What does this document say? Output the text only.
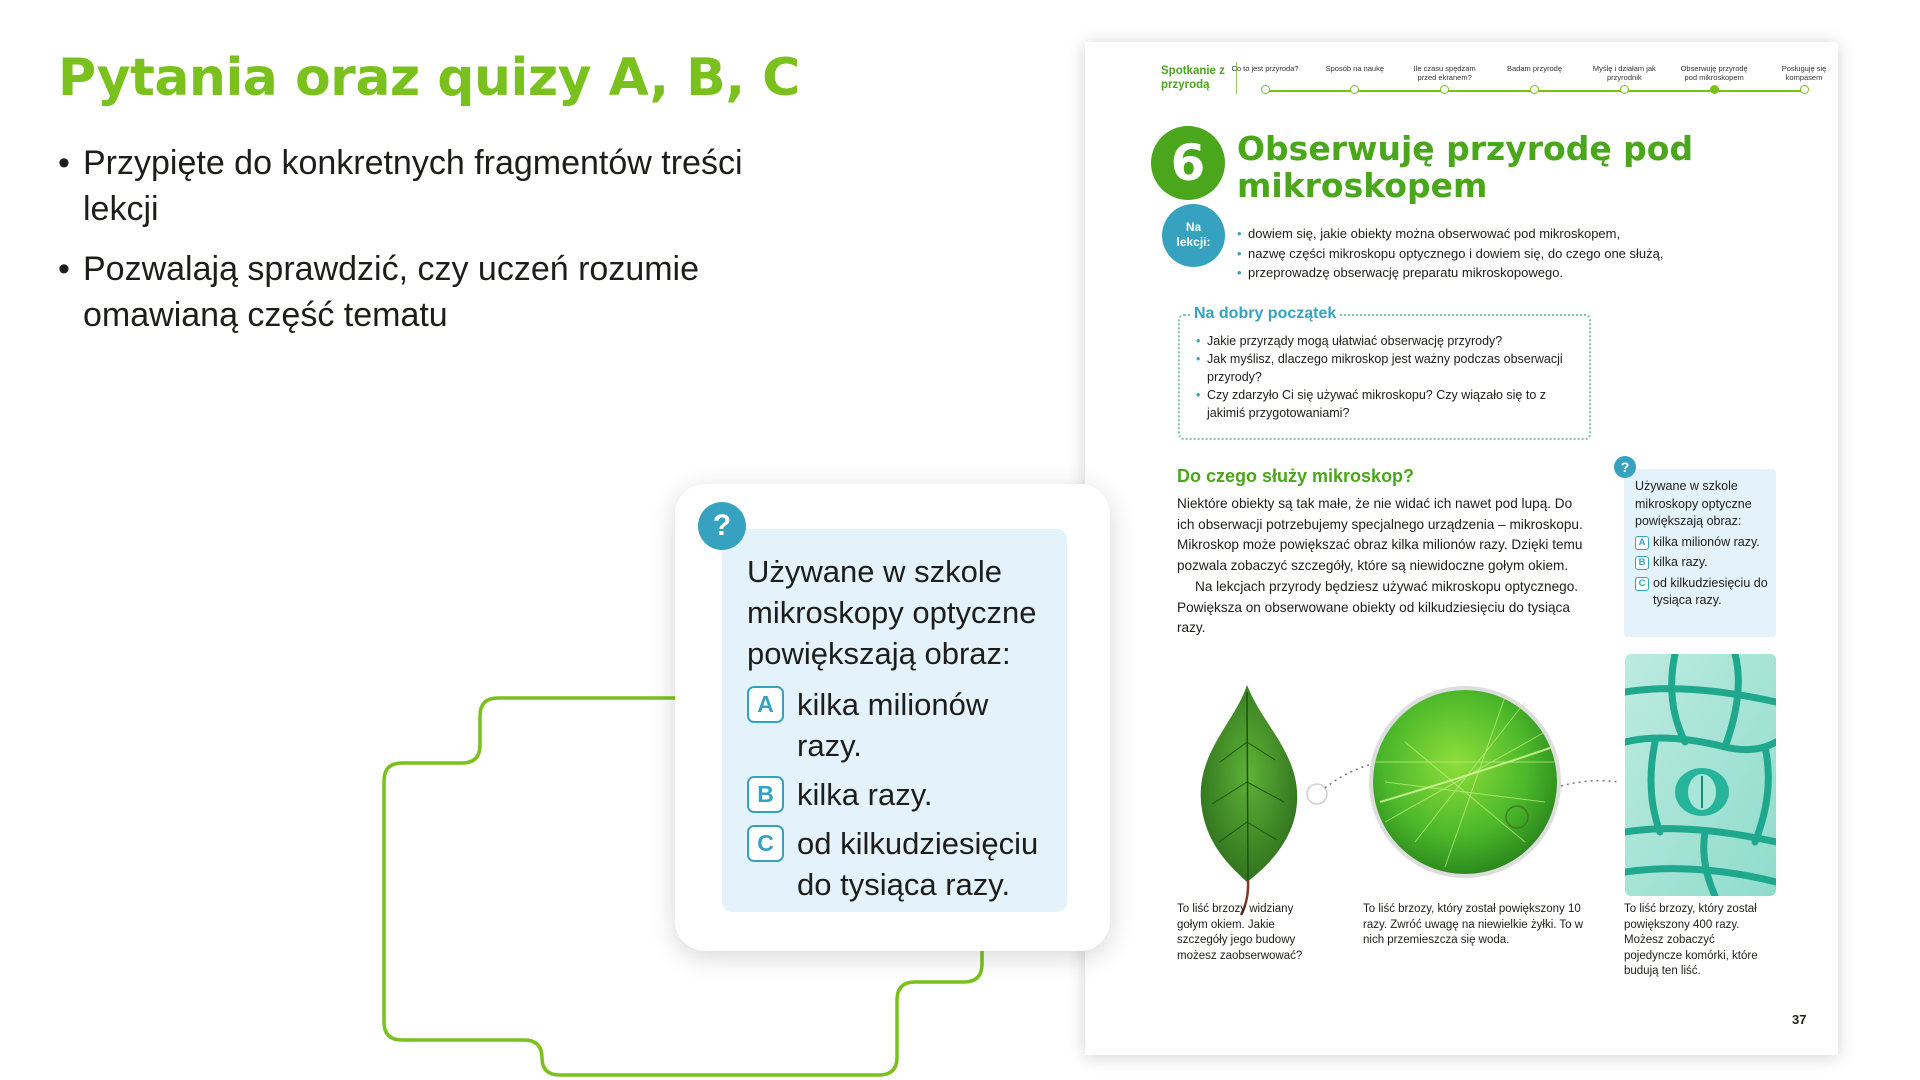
Pytania oraz quizy A, B, C
• Przypięte do konkretnych fragmentów treści lekcji
• Pozwalają sprawdzić, czy uczeń rozumie omawianą część tematu
Spotkanie z przyrodą
Co to jest przyroda?	Sposób na naukę	Ile czasu spędzam przed ekranem?
Badam przyrodę	Myślę i działam jak przyrodnik
Obserwuję przyrodę pod mikroskopem
Posługuję się kompasem
6 Obserwuję przyrodę pod mikroskopem
Na lekcji:
• dowiem się, jakie obiekty można obserwować pod mikroskopem,
• nazwę części mikroskopu optycznego i dowiem się, do czego one służą,
• przeprowadzę obserwację preparatu mikroskopowego.
Na dobry początek
• Jakie przyrządy mogą ułatwiać obserwację przyrody?
• Jak myślisz, dlaczego mikroskop jest ważny podczas obserwacji przyrody?
• Czy zdarzyło Ci się używać mikroskopu? Czy wiązało się to z jakimiś przygotowaniami?
Do czego służy mikroskop?

Niektóre obiekty są tak małe, że nie widać ich nawet pod lupą. Do ich obserwacji potrzebujemy specjalnego urządzenia – mikroskopu. Mikroskop może powiększać obraz kilka milionów razy. Dzięki temu pozwala zobaczyć szczegóły, które są niewidoczne gołym okiem.

Na lekcjach przyrody będziesz używać mikroskopu optycznego. Powiększa on obserwowane obiekty od kilkudziesięciu do tysiąca razy.

Używane w szkole mikroskopy optyczne powiększają obraz:
A kilka milionów razy.
B kilka razy.
C od kilkudziesięciu do tysiąca razy.
?
To liść brzozy widziany gołym okiem. Jakie szczegóły jego budowy możesz zaobserwować?
To liść brzozy, który został powiększony 10 razy. Zwróć uwagę na niewielkie żyłki. To w nich przemieszcza się woda.
To liść brzozy, który został powiększony 400 razy. Możesz zobaczyć pojedyncze komórki, które budują ten liść.
37
Używane w szkole mikroskopy optyczne powiększają obraz:
A kilka milionów razy.
B kilka razy.
C od kilkudziesięciu do tysiąca razy.
?
